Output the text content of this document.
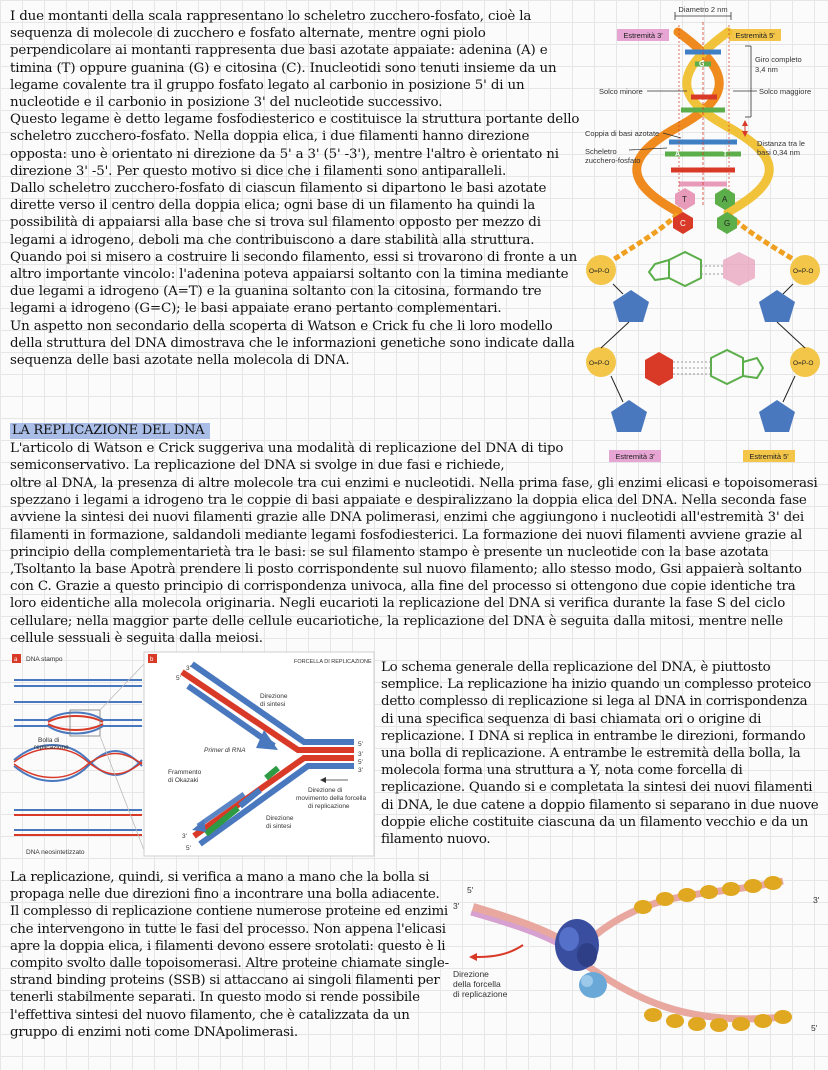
I due montanti della scala rappresentano lo scheletro zucchero-fosfato, cioè la sequenza di molecole di zucchero e fosfato alternate, mentre ogni piolo perpendicolare ai montanti rappresenta due basi azotate appaiate: adenina (A) e timina (T) oppure guanina (G) e citosina (C). Inucleotidi sono tenuti insieme da un legame covalente tra il gruppo fosfato legato al carbonio in posizione 5' di un nucleotide e il carbonio in posizione 3' del nucleotide successivo.
Questo legame è detto legame fosfodiesterico e costituisce la struttura portante dello scheletro zucchero-fosfato. Nella doppia elica, i due filamenti hanno direzione opposta: uno è orientato ni direzione da 5' a 3' (5' -3'), mentre l'altro è orientato ni direzione 3' -5'. Per questo motivo si dice che i filamenti sono antiparalleli.
Dallo scheletro zucchero-fosfato di ciascun filamento si dipartono le basi azotate dirette verso il centro della doppia elica; ogni base di un filamento ha quindi la possibilità di appaiarsi alla base che si trova sul filamento opposto per mezzo di legami a idrogeno, deboli ma che contribuiscono a dare stabilità alla struttura. Quando poi si misero a costruire li secondo filamento, essi si trovarono di fronte a un altro importante vincolo: l'adenina poteva appaiarsi soltanto con la timina mediante due legami a idrogeno (A=T) e la guanina soltanto con la citosina, formando tre legami a idrogeno (G=C); le basi appaiate erano pertanto complementari.
Un aspetto non secondario della scoperta di Watson e Crick fu che li loro modello della struttura del DNA dimostrava che le informazioni genetiche sono indicate dalla sequenza delle basi azotate nella molecola di DNA.

LA REPLICAZIONE DEL DNA

L'articolo di Watson e Crick suggeriva una modalità di replicazione del DNA di tipo semiconservativo. La replicazione del DNA si svolge in due fasi e richiede,

oltre al DNA, la presenza di altre molecole tra cui enzimi e nucleotidi. Nella prima fase, gli enzimi elicasi e topoisomerasi spezzano i legami a idrogeno tra le coppie di basi appaiate e despiralizzano la doppia elica del DNA. Nella seconda fase avviene la sintesi dei nuovi filamenti grazie alle DNA polimerasi, enzimi che aggiungono i nucleotidi all'estremità 3' dei filamenti in formazione, saldandoli mediante legami fosfodiesterici. La formazione dei nuovi filamenti avviene grazie al principio della complementarietà tra le basi: se sul filamento stampo è presente un nucleotide con la base azotata ,Tsoltanto la base Apotrà prendere li posto corrispondente sul nuovo filamento; allo stesso modo, Gsi appaierà soltanto con C. Grazie a questo principio di corrispondenza univoca, alla fine del processo si ottengono due copie identiche tra loro eidentiche alla molecola originaria. Negli eucarioti la replicazione del DNA si verifica durante la fase S del ciclo cellulare; nella maggior parte delle cellule eucariotiche, la replicazione del DNA è seguita dalla mitosi, mentre nelle cellule sessuali è seguita dalla meiosi.

Lo schema generale della replicazione del DNA, è piuttosto semplice. La replicazione ha inizio quando un complesso proteico detto complesso di replicazione si lega al DNA in corrispondenza di una specifica sequenza di basi chiamata ori o origine di replicazione. I DNA si replica in entrambe le direzioni, formando una bolla di replicazione. A entrambe le estremità della bolla, la molecola forma una struttura a Y, nota come forcella di replicazione. Quando si e completata la sintesi dei nuovi filamenti di DNA, le due catene a doppio filamento si separano in due nuove doppie eliche costituite ciascuna da un filamento vecchio e da un filamento nuovo.

La replicazione, quindi, si verifica a mano a mano che la bolla si propaga nelle due direzioni fino a incontrare una bolla adiacente. Il complesso di replicazione contiene numerose proteine ed enzimi che intervengono in tutte le fasi del processo. Non appena l'elicasi apre la doppia elica, i filamenti devono essere srotolati: questo è li compito svolto dalle topoisomerasi. Altre proteine chiamate single-strand binding proteins (SSB) si attaccano ai singoli filamenti per tenerli stabilmente separati. In questo modo si rende possibile l'effettiva sintesi del nuovo filamento, che è catalizzata da un gruppo di enzimi noti come DNApolimerasi.

Diametro 2 nm
Estremità 3'	Estremità 5'
Giro completo
3,4 nm
Solco minore	Solco maggiore
Coppia di basi azotate
Scheletro
zucchero-fosfato
Distanza tra le
basi 0,34 nm
G
A	T
T	A
C	G
O=P-O	O=P-O
O=P-O	O=P-O
Estremità 3'	Estremità 5'
a DNA stampo
Bolla di
replicazione
DNA neosintetizzato
b	FORCELLA DI REPLICAZIONE
3'
5'
5'
3'
5'
3'
3'
5'
Direzione
di sintesi
Primer di RNA
Frammento
di Okazaki
Direzione di
movimento della forcella
di replicazione
Direzione
di sintesi
5'
3'
3'
5'
Direzione
della forcella
di replicazione
